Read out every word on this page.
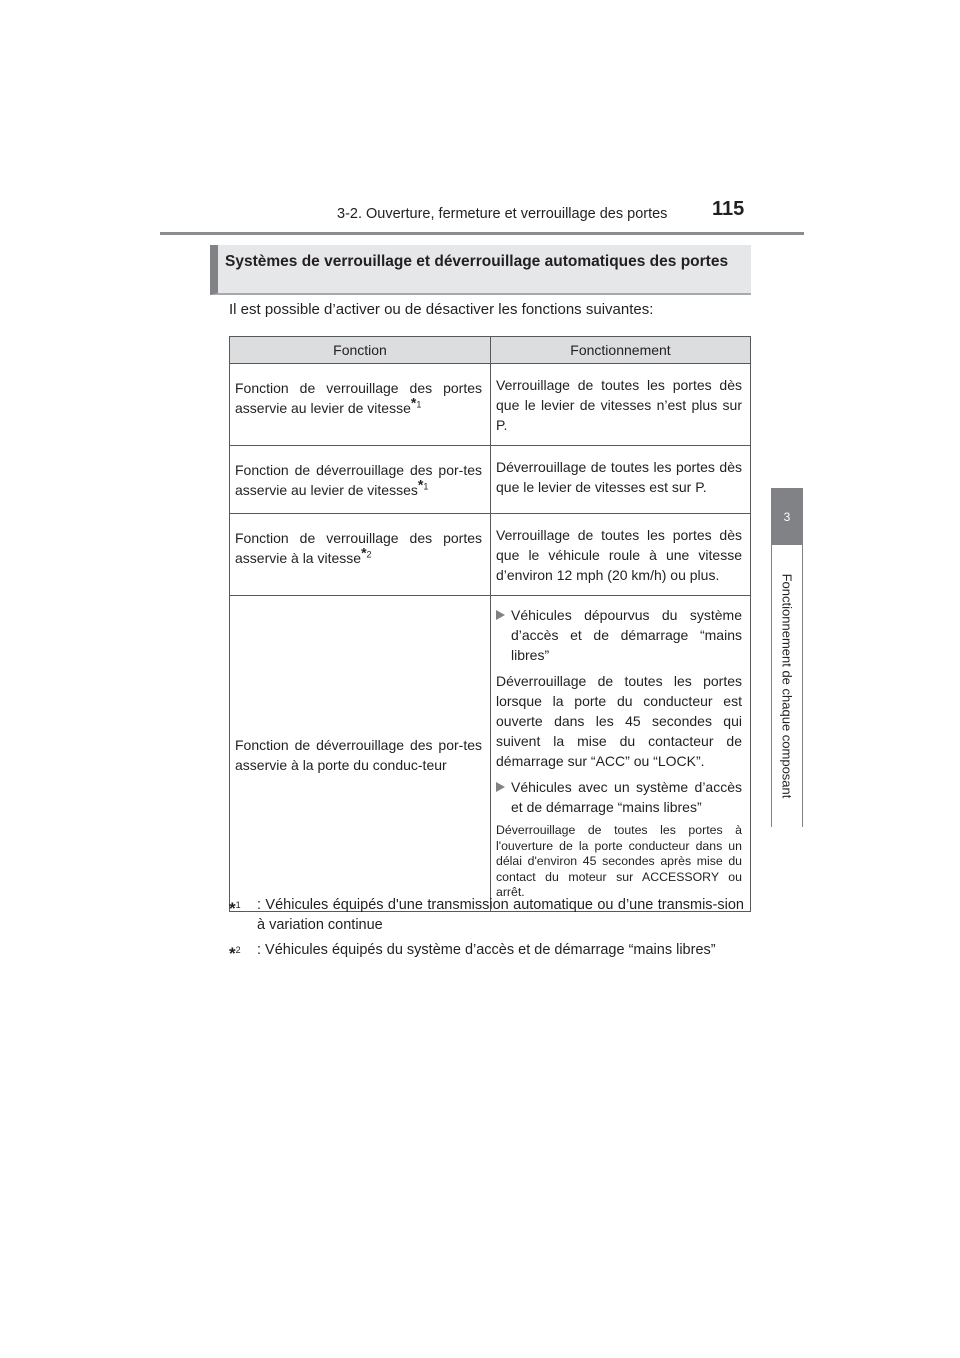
3-2. Ouverture, fermeture et verrouillage des portes	115
3
Fonctionnement de chaque composant
Systèmes de verrouillage et déverrouillage automatiques des portes
Il est possible d’activer ou de désactiver les fonctions suivantes:
Fonction	Fonctionnement
Fonction de verrouillage des portes asservie au levier de vitesse*$^1$	Verrouillage de toutes les portes dès que le levier de vitesses n’est plus sur P.
Fonction de déverrouillage des por-tes asservie au levier de vitesses*$^1$	Déverrouillage de toutes les portes dès que le levier de vitesses est sur P.
Fonction de verrouillage des portes asservie à la vitesse*$^2$	Verrouillage de toutes les portes dès que le véhicule roule à une vitesse d’environ 12 mph (20 km/h) ou plus.
Fonction de déverrouillage des por-tes asservie à la porte du conduc-teur	Véhicules dépourvus du système d’accès et de démarrage “mains libres”
Déverrouillage de toutes les portes lorsque la porte du conducteur est ouverte dans les 45 secondes qui suivent la mise du contacteur de démarrage sur “ACC” ou “LOCK”.
Véhicules avec un système d’accès et de démarrage “mains libres”
Déverrouillage de toutes les portes à l'ouverture de la porte conducteur dans un délai d'environ 45 secondes après mise du contact du moteur sur ACCESSORY ou arrêt.
*$^1$ : Véhicules équipés d'une transmission automatique ou d’une transmis-sion à variation continue
*$^2$ : Véhicules équipés du système d’accès et de démarrage “mains libres”
